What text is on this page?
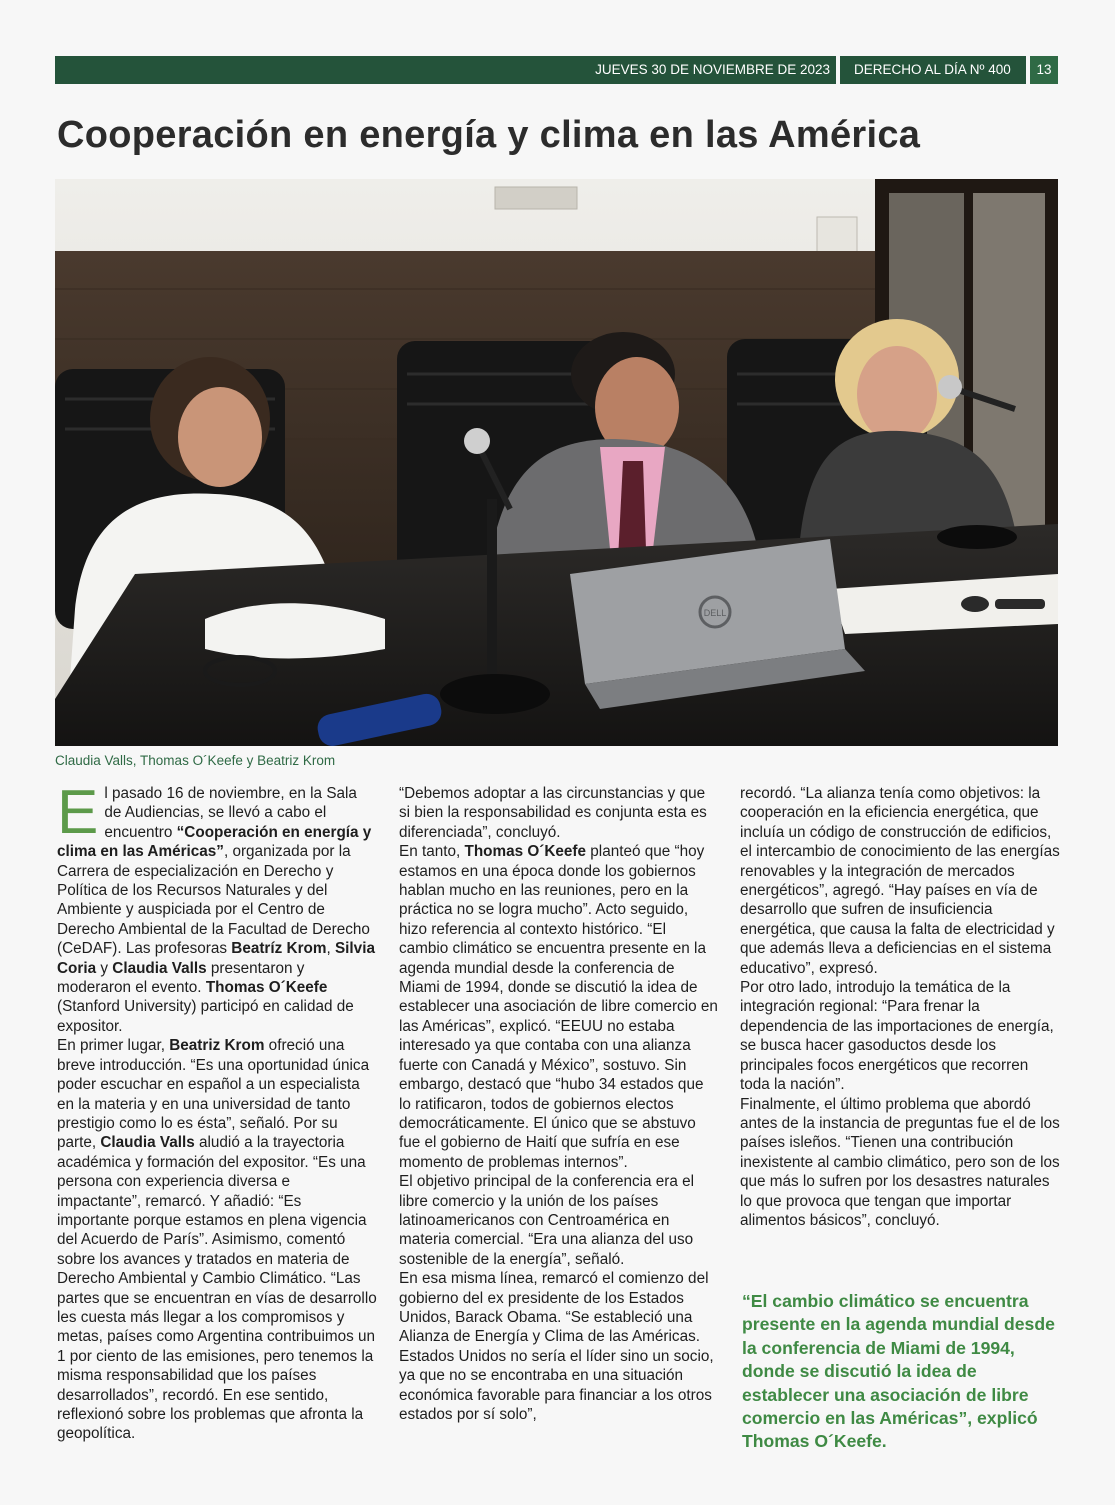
JUEVES 30 DE NOVIEMBRE DE 2023	DERECHO AL DÍA Nº 400	13
Cooperación en energía y clima en las América
DELL
Claudia Valls, Thomas O´Keefe y Beatriz Krom

El pasado 16 de noviembre, en la Sala de Audiencias, se llevó a cabo el encuentro “Cooperación en energía y clima en las Américas”, organizada por la Carrera de especialización en Derecho y Política de los Recursos Naturales y del Ambiente y auspiciada por el Centro de Derecho Ambiental de la Facultad de Derecho (CeDAF). Las profesoras Beatríz Krom, Silvia Coria y Claudia Valls presentaron y moderaron el evento. Thomas O´Keefe (Stanford University) participó en calidad de expositor.

En primer lugar, Beatriz Krom ofreció una breve introducción. “Es una oportunidad única poder escuchar en español a un especialista en la materia y en una universidad de tanto prestigio como lo es ésta”, señaló. Por su parte, Claudia Valls aludió a la trayectoria académica y formación del expositor. “Es una persona con experiencia diversa e impactante”, remarcó. Y añadió: “Es importante porque estamos en plena vigencia del Acuerdo de París”. Asimismo, comentó sobre los avances y tratados en materia de Derecho Ambiental y Cambio Climático. “Las partes que se encuentran en vías de desarrollo les cuesta más llegar a los compromisos y metas, países como Argentina contribuimos un 1 por ciento de las emisiones, pero tenemos la misma responsabilidad que los países desarrollados”, recordó. En ese sentido, reflexionó sobre los problemas que afronta la geopolítica.

“Debemos adoptar a las circunstancias y que si bien la responsabilidad es conjunta esta es diferenciada”, concluyó.

En tanto, Thomas O´Keefe planteó que “hoy estamos en una época donde los gobiernos hablan mucho en las reuniones, pero en la práctica no se logra mucho”. Acto seguido, hizo referencia al contexto histórico. “El cambio climático se encuentra presente en la agenda mundial desde la conferencia de Miami de 1994, donde se discutió la idea de establecer una asociación de libre comercio en las Américas”, explicó. “EEUU no estaba interesado ya que contaba con una alianza fuerte con Canadá y México”, sostuvo. Sin embargo, destacó que “hubo 34 estados que lo ratificaron, todos de gobiernos electos democráticamente. El único que se abstuvo fue el gobierno de Haití que sufría en ese momento de problemas internos”.

El objetivo principal de la conferencia era el libre comercio y la unión de los países latinoamericanos con Centroamérica en materia comercial. “Era una alianza del uso sostenible de la energía”, señaló.

En esa misma línea, remarcó el comienzo del gobierno del ex presidente de los Estados Unidos, Barack Obama. “Se estableció una Alianza de Energía y Clima de las Américas. Estados Unidos no sería el líder sino un socio, ya que no se encontraba en una situación económica favorable para financiar a los otros estados por sí solo”,

recordó. “La alianza tenía como objetivos: la cooperación en la eficiencia energética, que incluía un código de construcción de edificios, el intercambio de conocimiento de las energías renovables y la integración de mercados energéticos”, agregó. “Hay países en vía de desarrollo que sufren de insuficiencia energética, que causa la falta de electricidad y que además lleva a deficiencias en el sistema educativo”, expresó.

Por otro lado, introdujo la temática de la integración regional: “Para frenar la dependencia de las importaciones de energía, se busca hacer gasoductos desde los principales focos energéticos que recorren toda la nación”.

Finalmente, el último problema que abordó antes de la instancia de preguntas fue el de los países isleños. “Tienen una contribución inexistente al cambio climático, pero son de los que más lo sufren por los desastres naturales lo que provoca que tengan que importar alimentos básicos”, concluyó.

“El cambio climático se encuentra presente en la agenda mundial desde la conferencia de Miami de 1994, donde se discutió la idea de establecer una asociación de libre comercio en las Américas”, explicó Thomas O´Keefe.
